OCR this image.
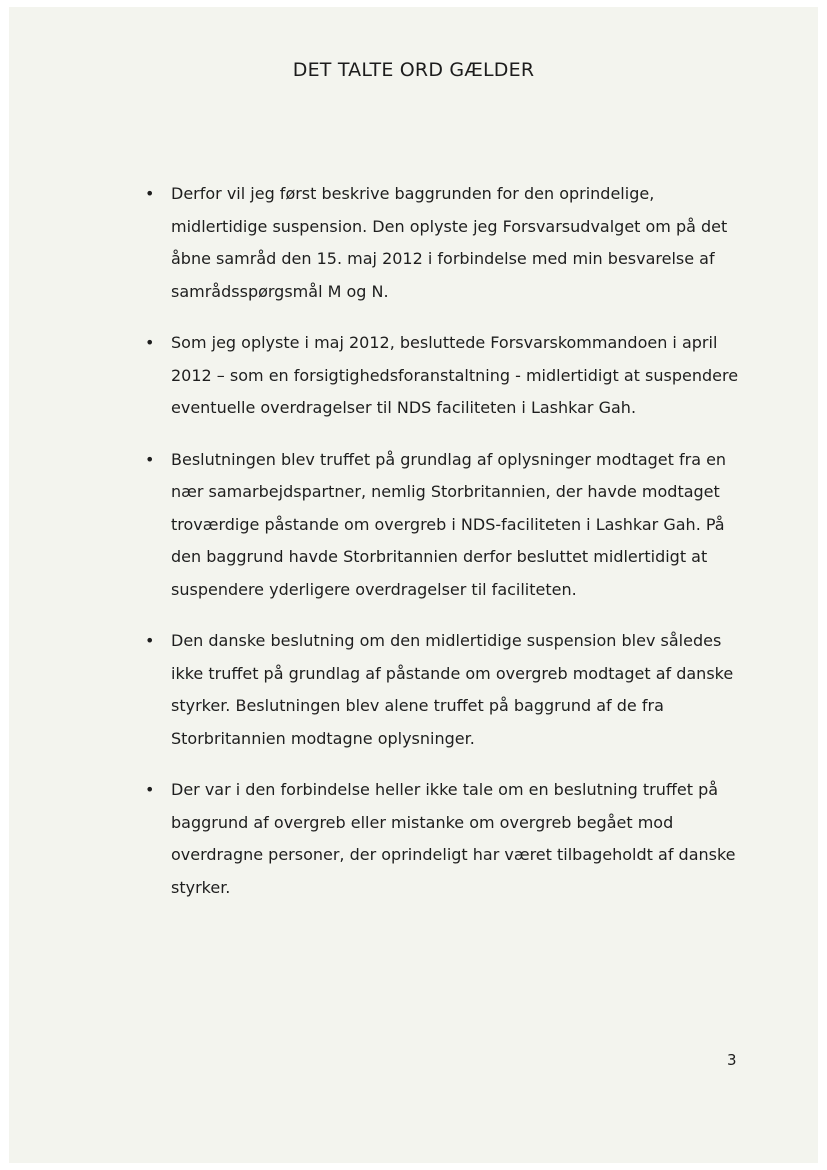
DET TALTE ORD GÆLDER
• Derfor vil jeg først beskrive baggrunden for den oprindelige, midlertidige suspension. Den oplyste jeg Forsvarsudvalget om på det åbne samråd den 15. maj 2012 i forbindelse med min besvarelse af samrådsspørgsmål M og N.
• Som jeg oplyste i maj 2012, besluttede Forsvarskommandoen i april 2012 – som en forsigtighedsforanstaltning - midlertidigt at suspendere eventuelle overdragelser til NDS faciliteten i Lashkar Gah.
• Beslutningen blev truffet på grundlag af oplysninger modtaget fra en nær samarbejdspartner, nemlig Storbritannien, der havde modtaget troværdige påstande om overgreb i NDS-faciliteten i Lashkar Gah. På den baggrund havde Storbritannien derfor besluttet midlertidigt at suspendere yderligere overdragelser til faciliteten.
• Den danske beslutning om den midlertidige suspension blev således ikke truffet på grundlag af påstande om overgreb modtaget af danske styrker. Beslutningen blev alene truffet på baggrund af de fra Storbritannien modtagne oplysninger.
• Der var i den forbindelse heller ikke tale om en beslutning truffet på baggrund af overgreb eller mistanke om overgreb begået mod overdragne personer, der oprindeligt har været tilbageholdt af danske styrker.
3
